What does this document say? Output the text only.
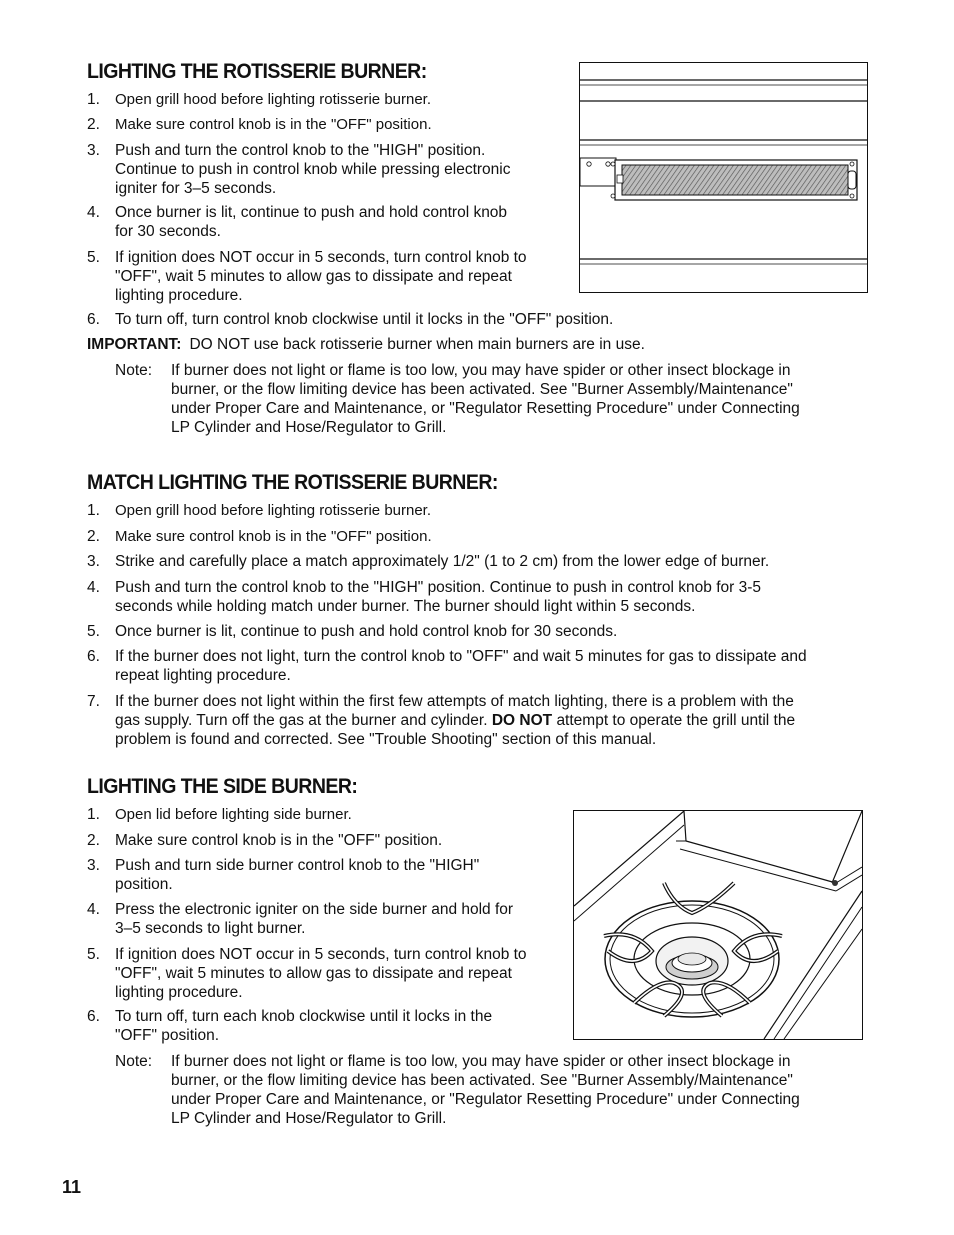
LIGHTING THE ROTISSERIE BURNER:
1. Open grill hood before lighting rotisserie burner.
2. Make sure control knob is in the "OFF" position.
3. Push and turn the control knob to the "HIGH" position.
Continue to push in control knob while pressing electronic
igniter for 3–5 seconds.
4. Once burner is lit, continue to push and hold control knob
for 30 seconds.
5. If ignition does NOT occur in 5 seconds, turn control knob to
"OFF", wait 5 minutes to allow gas to dissipate and repeat
lighting procedure.
6. To turn off, turn control knob clockwise until it locks in the "OFF" position.
IMPORTANT: DO NOT use back rotisserie burner when main burners are in use.
Note: If burner does not light or flame is too low, you may have spider or other insect blockage in
burner, or the flow limiting device has been activated. See "Burner Assembly/Maintenance"
under Proper Care and Maintenance, or "Regulator Resetting Procedure" under Connecting
LP Cylinder and Hose/Regulator to Grill.
MATCH LIGHTING THE ROTISSERIE BURNER:
1. Open grill hood before lighting rotisserie burner.
2. Make sure control knob is in the "OFF" position.
3. Strike and carefully place a match approximately 1/2" (1 to 2 cm) from the lower edge of burner.
4. Push and turn the control knob to the "HIGH" position. Continue to push in control knob for 3-5
seconds while holding match under burner. The burner should light within 5 seconds.
5. Once burner is lit, continue to push and hold control knob for 30 seconds.
6. If the burner does not light, turn the control knob to "OFF" and wait 5 minutes for gas to dissipate and
repeat lighting procedure.
7. If the burner does not light within the first few attempts of match lighting, there is a problem with the
gas supply. Turn off the gas at the burner and cylinder. DO NOT attempt to operate the grill until the
problem is found and corrected. See "Trouble Shooting" section of this manual.
LIGHTING THE SIDE BURNER:
1. Open lid before lighting side burner.
2. Make sure control knob is in the "OFF" position.
3. Push and turn side burner control knob to the "HIGH"
position.
4. Press the electronic igniter on the side burner and hold for
3–5 seconds to light burner.
5. If ignition does NOT occur in 5 seconds, turn control knob to
"OFF", wait 5 minutes to allow gas to dissipate and repeat
lighting procedure.
6. To turn off, turn each knob clockwise until it locks in the
"OFF" position.
Note: If burner does not light or flame is too low, you may have spider or other insect blockage in
burner, or the flow limiting device has been activated. See "Burner Assembly/Maintenance"
under Proper Care and Maintenance, or "Regulator Resetting Procedure" under Connecting
LP Cylinder and Hose/Regulator to Grill.
11
